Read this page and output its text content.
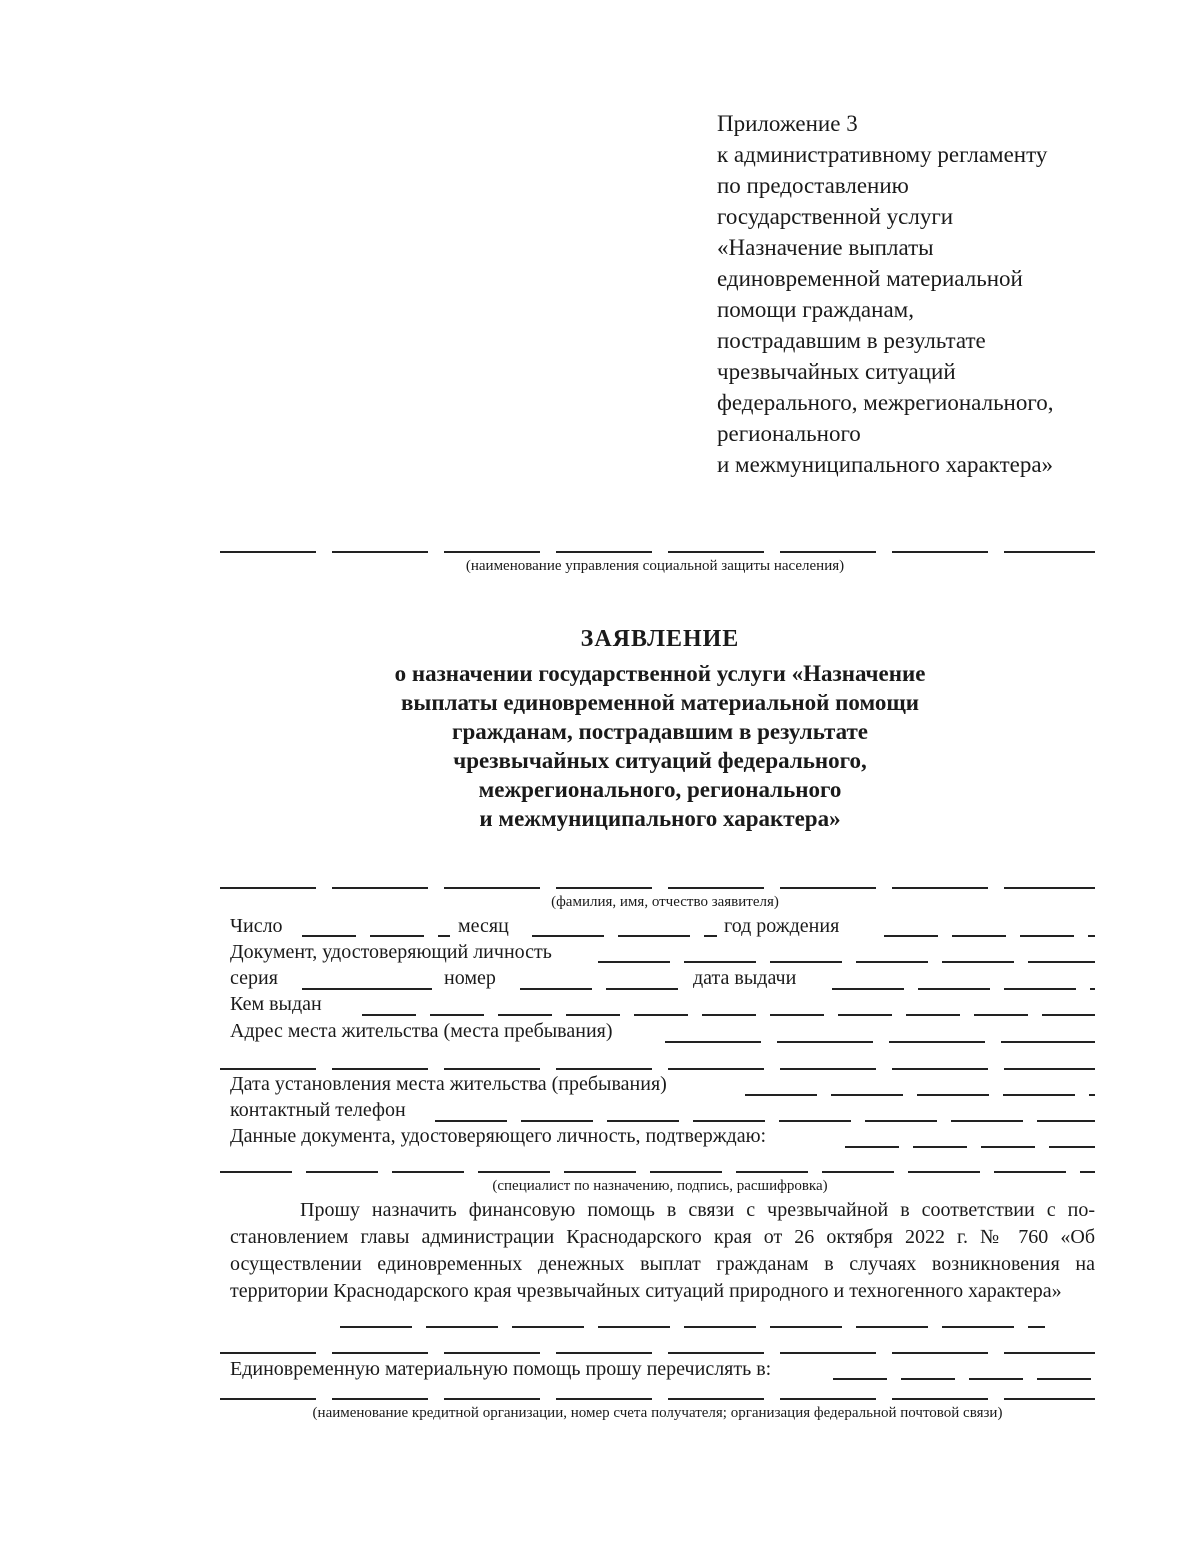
Приложение 3
к административному регламенту
по предоставлению
государственной услуги
«Назначение выплаты
единовременной материальной
помощи гражданам,
пострадавшим в результате
чрезвычайных ситуаций
федерального, межрегионального,
регионального
и межмуниципального характера»
(наименование управления социальной защиты населения)
ЗАЯВЛЕНИЕ
о назначении государственной услуги «Назначение
выплаты единовременной материальной помощи
гражданам, пострадавшим в результате
чрезвычайных ситуаций федерального,
межрегионального, регионального
и межмуниципального характера»
(фамилия, имя, отчество заявителя)
Число	месяц	год рождения
Документ, удостоверяющий личность
серия	номер	дата выдачи
Кем выдан
Адрес места жительства (места пребывания)
Дата установления места жительства (пребывания)
контактный телефон
Данные документа, удостоверяющего личность, подтверждаю:
(специалист по назначению, подпись, расшифровка)
Прошу назначить финансовую помощь в связи с чрезвычайной в соответствии с постановлением главы администрации Краснодарского края от 26 октября 2022 г. № 760 «Об осуществлении единовременных денежных выплат гражданам в случаях возникновения на территории Краснодарского края чрезвычайных ситуаций природного и техногенного характера»
Единовременную материальную помощь прошу перечислять в:
(наименование кредитной организации, номер счета получателя; организация федеральной почтовой связи)
